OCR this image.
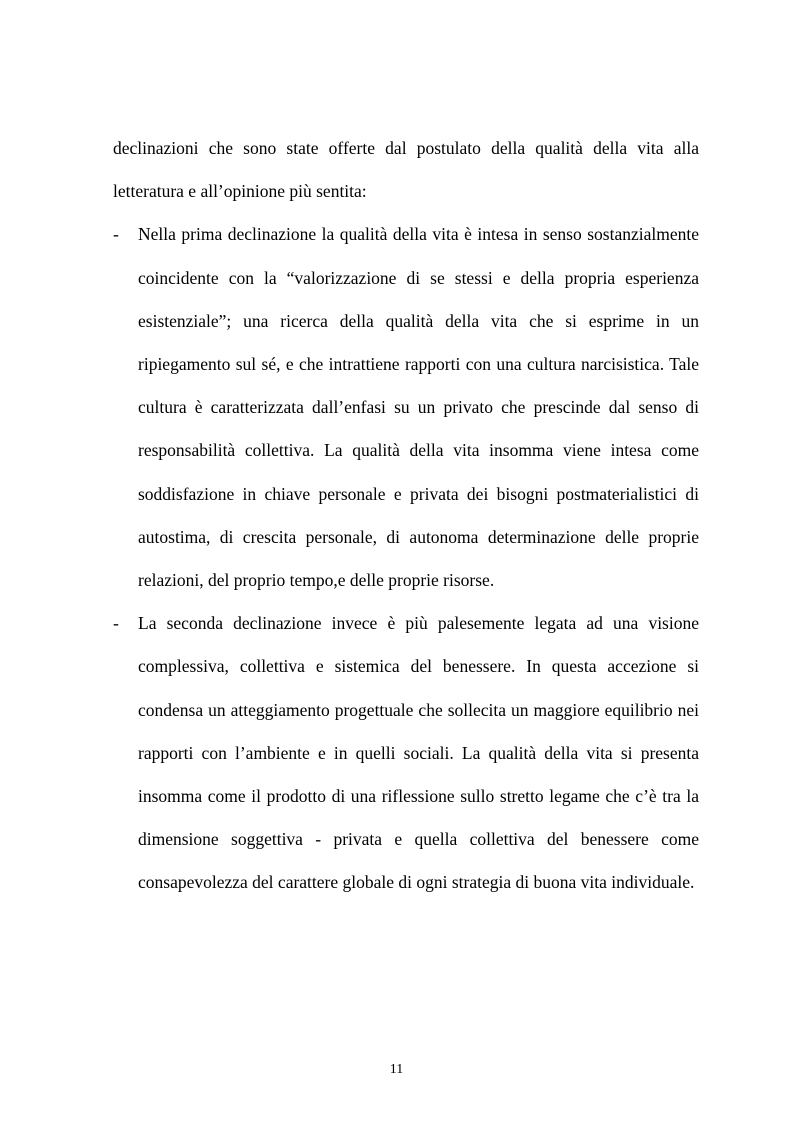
declinazioni che sono state offerte dal postulato della qualità della vita alla letteratura e all’opinione più sentita:

- Nella prima declinazione la qualità della vita è intesa in senso sostanzialmente coincidente con la “valorizzazione di se stessi e della propria esperienza esistenziale”; una ricerca della qualità della vita che si esprime in un ripiegamento sul sé, e che intrattiene rapporti con una cultura narcisistica. Tale cultura è caratterizzata dall’enfasi su un privato che prescinde dal senso di responsabilità collettiva. La qualità della vita insomma viene intesa come soddisfazione in chiave personale e privata dei bisogni postmaterialistici di autostima, di crescita personale, di autonoma determinazione delle proprie relazioni, del proprio tempo,e delle proprie risorse.
- La seconda declinazione invece è più palesemente legata ad una visione complessiva, collettiva e sistemica del benessere. In questa accezione si condensa un atteggiamento progettuale che sollecita un maggiore equilibrio nei rapporti con l’ambiente e in quelli sociali. La qualità della vita si presenta insomma come il prodotto di una riflessione sullo stretto legame che c’è tra la dimensione soggettiva - privata e quella collettiva del benessere come consapevolezza del carattere globale di ogni strategia di buona vita individuale.
11
